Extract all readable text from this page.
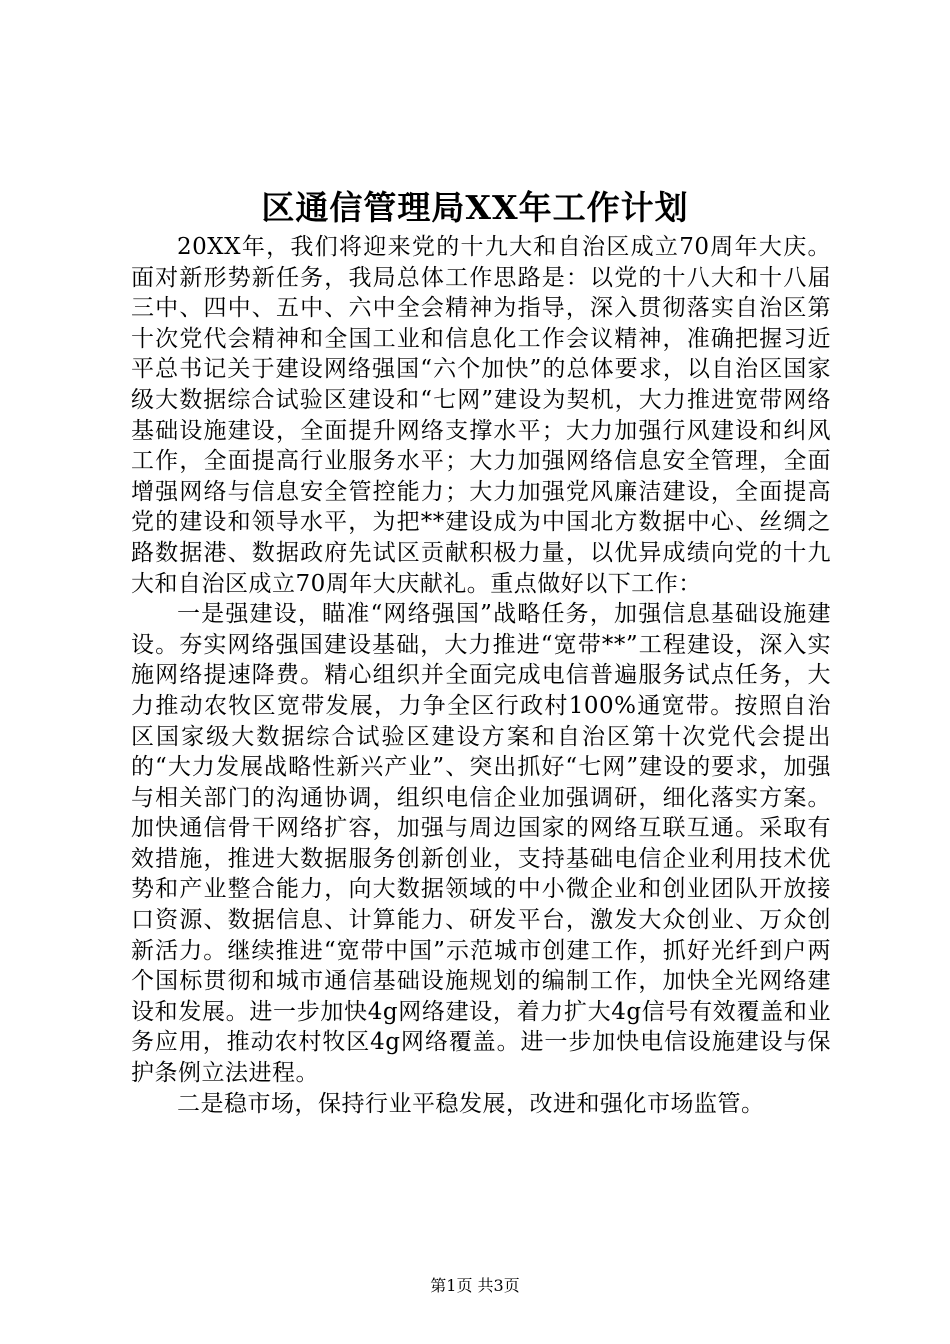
区通信管理局XX年工作计划

20XX年，我们将迎来党的十九大和自治区成立70周年大庆。面对新形势新任务，我局总体工作思路是：以党的十八大和十八届三中、四中、五中、六中全会精神为指导，深入贯彻落实自治区第十次党代会精神和全国工业和信息化工作会议精神，准确把握习近平总书记关于建设网络强国“六个加快”的总体要求，以自治区国家级大数据综合试验区建设和“七网”建设为契机，大力推进宽带网络基础设施建设，全面提升网络支撑水平；大力加强行风建设和纠风工作，全面提高行业服务水平；大力加强网络信息安全管理，全面增强网络与信息安全管控能力；大力加强党风廉洁建设，全面提高党的建设和领导水平，为把**建设成为中国北方数据中心、丝绸之路数据港、数据政府先试区贡献积极力量，以优异成绩向党的十九大和自治区成立70周年大庆献礼。重点做好以下工作：

一是强建设，瞄准“网络强国”战略任务，加强信息基础设施建设。夯实网络强国建设基础，大力推进“宽带**”工程建设，深入实施网络提速降费。精心组织并全面完成电信普遍服务试点任务，大力推动农牧区宽带发展，力争全区行政村100%通宽带。按照自治区国家级大数据综合试验区建设方案和自治区第十次党代会提出的“大力发展战略性新兴产业”、突出抓好“七网”建设的要求，加强与相关部门的沟通协调，组织电信企业加强调研，细化落实方案。加快通信骨干网络扩容，加强与周边国家的网络互联互通。采取有效措施，推进大数据服务创新创业，支持基础电信企业利用技术优势和产业整合能力，向大数据领域的中小微企业和创业团队开放接口资源、数据信息、计算能力、研发平台，激发大众创业、万众创新活力。继续推进“宽带中国”示范城市创建工作，抓好光纤到户两个国标贯彻和城市通信基础设施规划的编制工作，加快全光网络建设和发展。进一步加快4g网络建设，着力扩大4g信号有效覆盖和业务应用，推动农村牧区4g网络覆盖。进一步加快电信设施建设与保护条例立法进程。

二是稳市场，保持行业平稳发展，改进和强化市场监管。

第1页 共3页
